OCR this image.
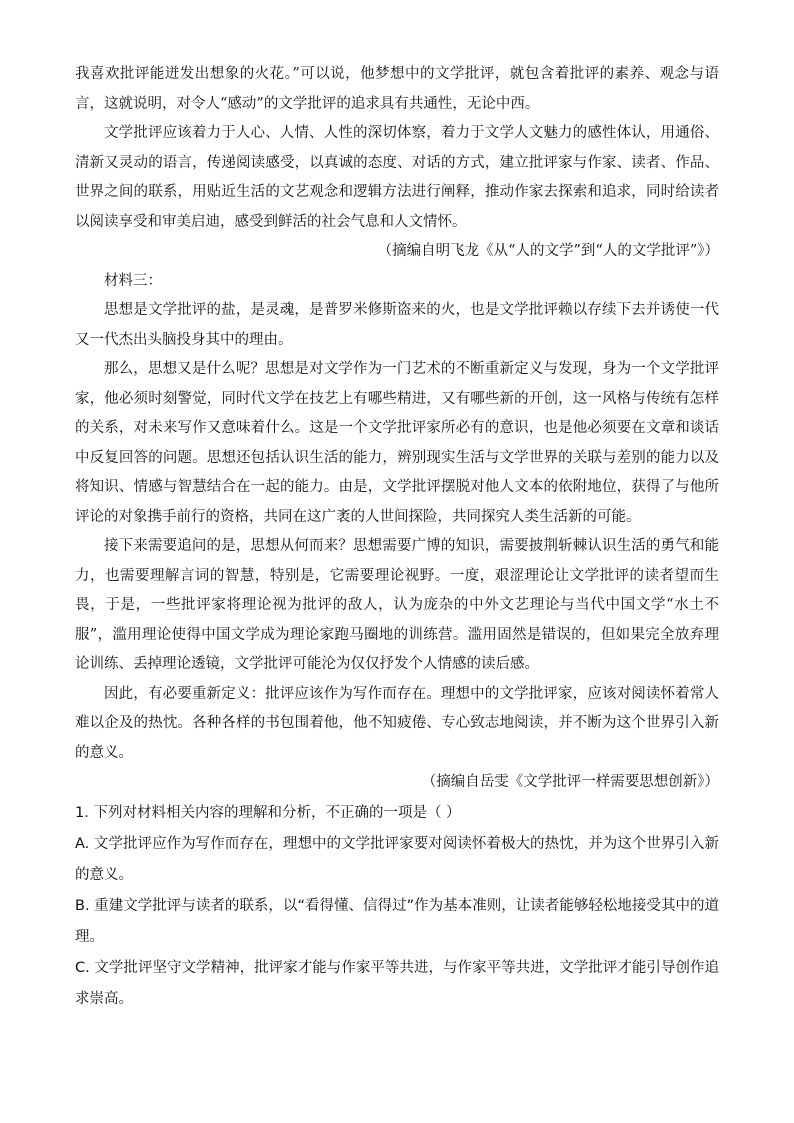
我喜欢批评能迸发出想象的火花。”可以说，他梦想中的文学批评，就包含着批评的素养、观念与语言，这就说明，对令人“感动”的文学批评的追求具有共通性，无论中西。

文学批评应该着力于人心、人情、人性的深切体察，着力于文学人文魅力的感性体认，用通俗、清新又灵动的语言，传递阅读感受，以真诚的态度、对话的方式，建立批评家与作家、读者、作品、世界之间的联系，用贴近生活的文艺观念和逻辑方法进行阐释，推动作家去探索和追求，同时给读者以阅读享受和审美启迪，感受到鲜活的社会气息和人文情怀。

（摘编自明飞龙《从“人的文学”到“人的文学批评”》）

材料三：

思想是文学批评的盐，是灵魂，是普罗米修斯盗来的火，也是文学批评赖以存续下去并诱使一代又一代杰出头脑投身其中的理由。

那么，思想又是什么呢？思想是对文学作为一门艺术的不断重新定义与发现，身为一个文学批评家，他必须时刻警觉，同时代文学在技艺上有哪些精进，又有哪些新的开创，这一风格与传统有怎样的关系，对未来写作又意味着什么。这是一个文学批评家所必有的意识，也是他必须要在文章和谈话中反复回答的问题。思想还包括认识生活的能力，辨别现实生活与文学世界的关联与差别的能力以及将知识、情感与智慧结合在一起的能力。由是，文学批评摆脱对他人文本的依附地位，获得了与他所评论的对象携手前行的资格，共同在这广袤的人世间探险，共同探究人类生活新的可能。

接下来需要追问的是，思想从何而来？思想需要广博的知识，需要披荆斩棘认识生活的勇气和能力，也需要理解言词的智慧，特别是，它需要理论视野。一度，艰涩理论让文学批评的读者望而生畏，于是，一些批评家将理论视为批评的敌人，认为庞杂的中外文艺理论与当代中国文学“水土不服”，滥用理论使得中国文学成为理论家跑马圈地的训练营。滥用固然是错误的，但如果完全放弃理论训练、丢掉理论透镜，文学批评可能沦为仅仅抒发个人情感的读后感。

因此，有必要重新定义：批评应该作为写作而存在。理想中的文学批评家，应该对阅读怀着常人难以企及的热忱。各种各样的书包围着他，他不知疲倦、专心致志地阅读，并不断为这个世界引入新的意义。

（摘编自岳雯《文学批评一样需要思想创新》）

1. 下列对材料相关内容的理解和分析，不正确的一项是（ ）

A. 文学批评应作为写作而存在，理想中的文学批评家要对阅读怀着极大的热忱，并为这个世界引入新的意义。

B. 重建文学批评与读者的联系，以“看得懂、信得过”作为基本准则，让读者能够轻松地接受其中的道理。

C. 文学批评坚守文学精神，批评家才能与作家平等共进，与作家平等共进，文学批评才能引导创作追求崇高。
